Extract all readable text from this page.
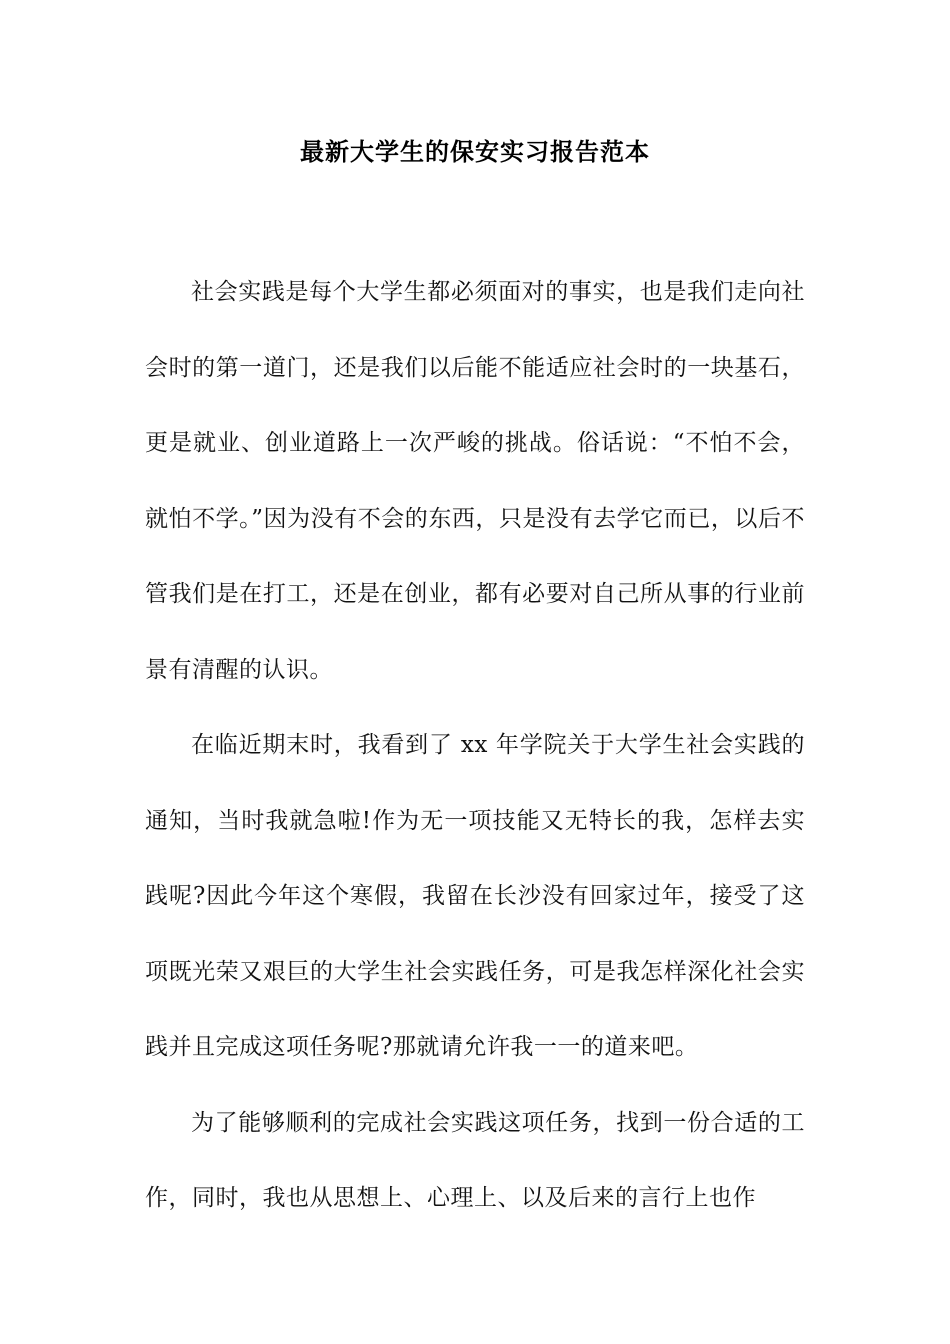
最新大学生的保安实习报告范本

社会实践是每个大学生都必须面对的事实，也是我们走向社会时的第一道门，还是我们以后能不能适应社会时的一块基石，更是就业、创业道路上一次严峻的挑战。俗话说：“不怕不会，就怕不学。”因为没有不会的东西，只是没有去学它而已，以后不管我们是在打工，还是在创业，都有必要对自己所从事的行业前景有清醒的认识。

在临近期末时，我看到了 xx 年学院关于大学生社会实践的通知，当时我就急啦!作为无一项技能又无特长的我，怎样去实践呢?因此今年这个寒假，我留在长沙没有回家过年，接受了这项既光荣又艰巨的大学生社会实践任务，可是我怎样深化社会实践并且完成这项任务呢?那就请允许我一一的道来吧。

为了能够顺利的完成社会实践这项任务，找到一份合适的工作，同时，我也从思想上、心理上、以及后来的言行上也作
